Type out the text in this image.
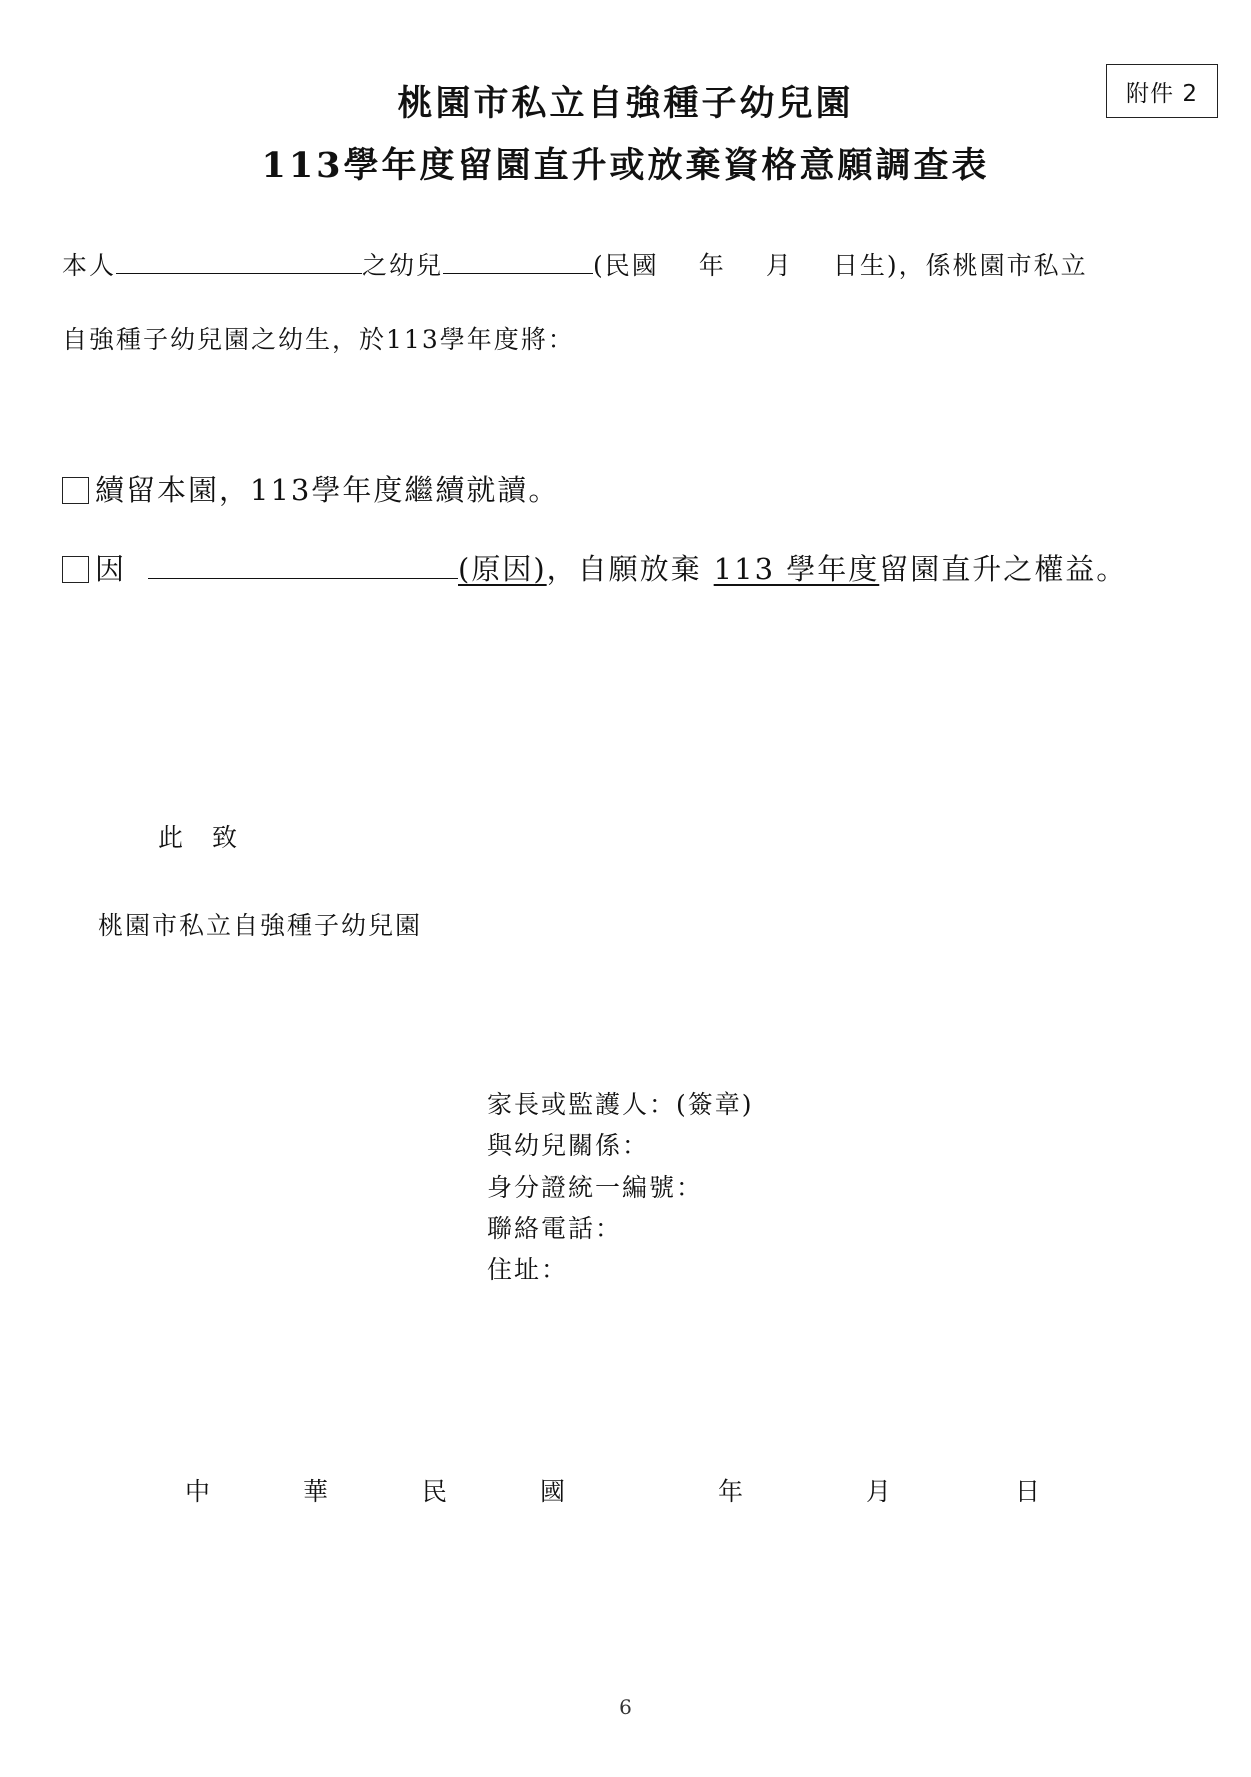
附件 2
桃園市私立自強種子幼兒園
113學年度留園直升或放棄資格意願調查表
本人	之幼兒	(民國 年 月 日生)，係桃園市私立
自強種子幼兒園之幼生，於113學年度將：
續留本園，113學年度繼續就讀。
因	(原因)，自願放棄 113 學年度留園直升之權益。
此　致
桃園市私立自強種子幼兒園
家長或監護人：(簽章)
與幼兒關係：
身分證統一編號：
聯絡電話：
住址：
中	華	民	國	年	月	日
6
